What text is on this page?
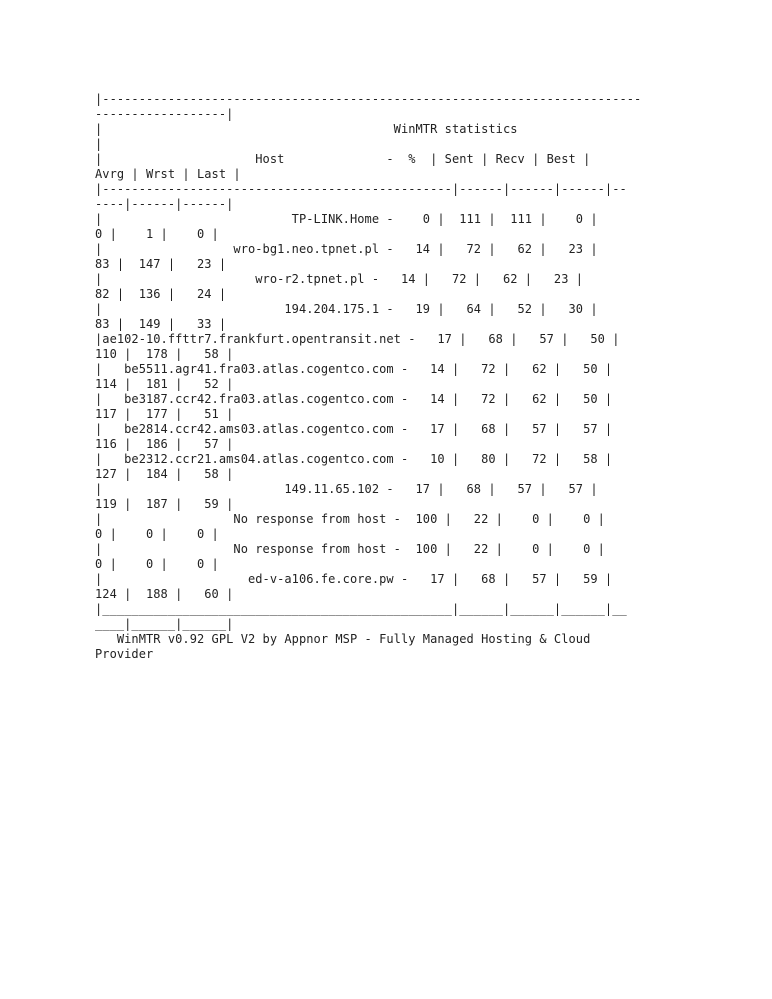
|--------------------------------------------------------------------------
------------------|
|                                        WinMTR statistics
|
|                     Host              -  %  | Sent | Recv | Best |
Avrg | Wrst | Last |
|------------------------------------------------|------|------|------|--
----|------|------|
|                          TP-LINK.Home -    0 |  111 |  111 |    0 |
0 |    1 |    0 |
|                  wro-bg1.neo.tpnet.pl -   14 |   72 |   62 |   23 |
83 |  147 |   23 |
|                     wro-r2.tpnet.pl -   14 |   72 |   62 |   23 |
82 |  136 |   24 |
|                         194.204.175.1 -   19 |   64 |   52 |   30 |
83 |  149 |   33 |
|ae102-10.ffttr7.frankfurt.opentransit.net -   17 |   68 |   57 |   50 |
110 |  178 |   58 |
|   be5511.agr41.fra03.atlas.cogentco.com -   14 |   72 |   62 |   50 |
114 |  181 |   52 |
|   be3187.ccr42.fra03.atlas.cogentco.com -   14 |   72 |   62 |   50 |
117 |  177 |   51 |
|   be2814.ccr42.ams03.atlas.cogentco.com -   17 |   68 |   57 |   57 |
116 |  186 |   57 |
|   be2312.ccr21.ams04.atlas.cogentco.com -   10 |   80 |   72 |   58 |
127 |  184 |   58 |
|                         149.11.65.102 -   17 |   68 |   57 |   57 |
119 |  187 |   59 |
|                  No response from host -  100 |   22 |    0 |    0 |
0 |    0 |    0 |
|                  No response from host -  100 |   22 |    0 |    0 |
0 |    0 |    0 |
|                    ed-v-a106.fe.core.pw -   17 |   68 |   57 |   59 |
124 |  188 |   60 |
|________________________________________________|______|______|______|__
____|______|______|
WinMTR v0.92 GPL V2 by Appnor MSP - Fully Managed Hosting & Cloud
Provider
